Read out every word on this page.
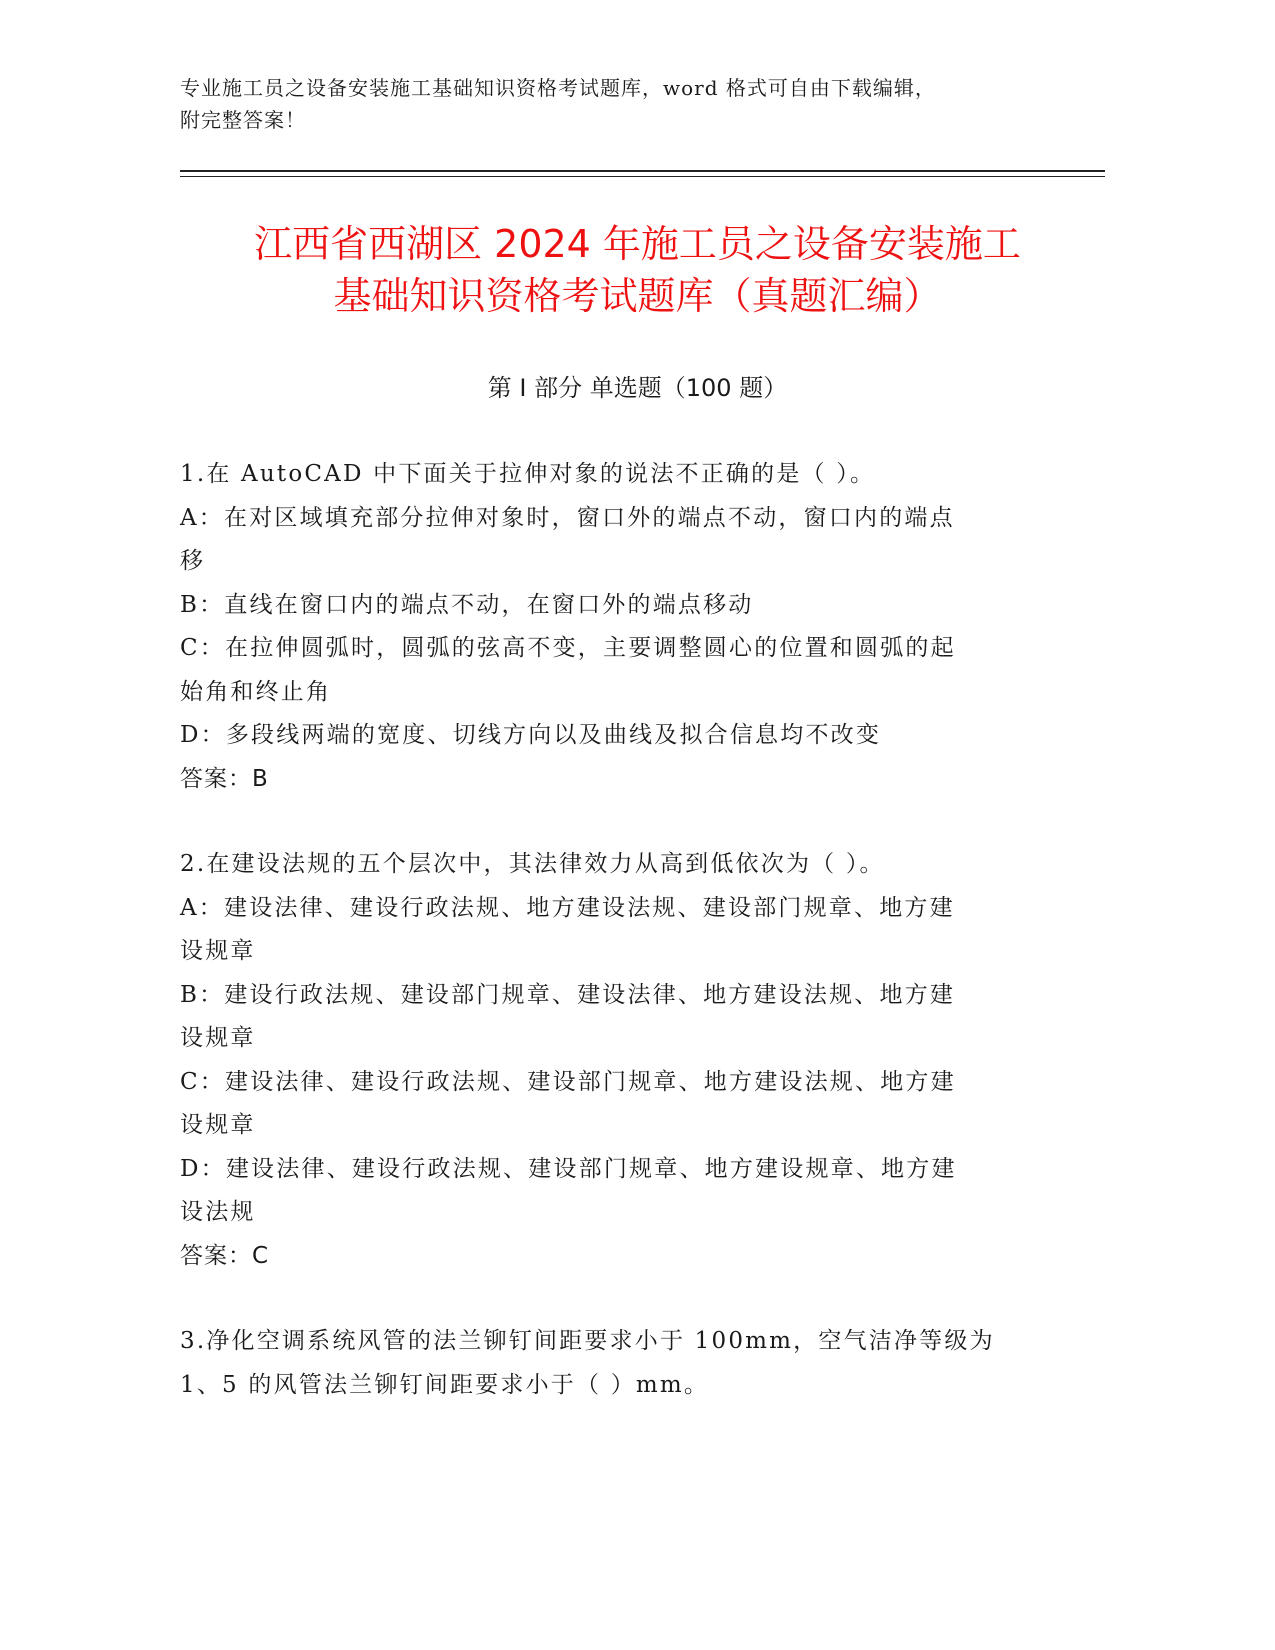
专业施工员之设备安装施工基础知识资格考试题库，word 格式可自由下载编辑，
附完整答案！
江西省西湖区 2024 年施工员之设备安装施工
基础知识资格考试题库（真题汇编）
第 I 部分 单选题（100 题）

1.在 AutoCAD 中下面关于拉伸对象的说法不正确的是（ ）。

A：在对区域填充部分拉伸对象时，窗口外的端点不动，窗口内的端点

移

B：直线在窗口内的端点不动，在窗口外的端点移动

C：在拉伸圆弧时，圆弧的弦高不变，主要调整圆心的位置和圆弧的起

始角和终止角

D：多段线两端的宽度、切线方向以及曲线及拟合信息均不改变

答案：B

2.在建设法规的五个层次中，其法律效力从高到低依次为（ ）。

A：建设法律、建设行政法规、地方建设法规、建设部门规章、地方建

设规章

B：建设行政法规、建设部门规章、建设法律、地方建设法规、地方建

设规章

C：建设法律、建设行政法规、建设部门规章、地方建设法规、地方建

设规章

D：建设法律、建设行政法规、建设部门规章、地方建设规章、地方建

设法规

答案：C

3.净化空调系统风管的法兰铆钉间距要求小于 100mm，空气洁净等级为

1、5 的风管法兰铆钉间距要求小于（ ）mm。
